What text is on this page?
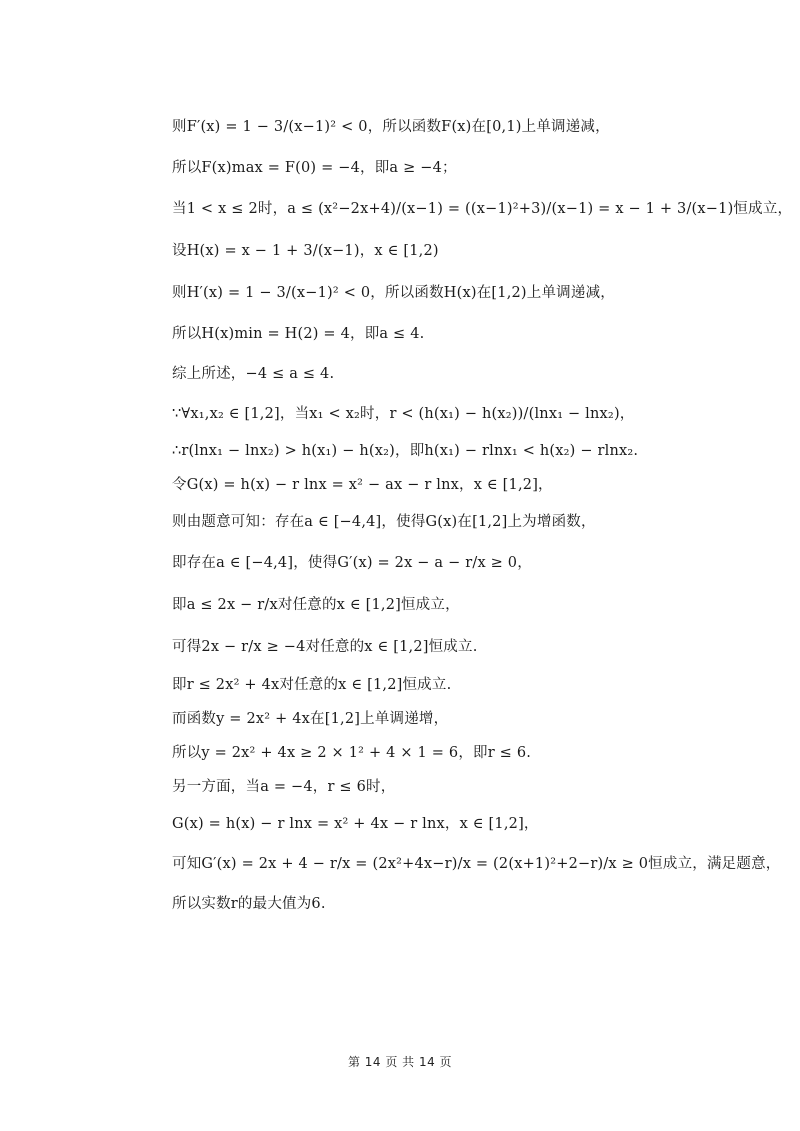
则F′(x) = 1 − 3/(x−1)² < 0，所以函数F(x)在[0,1)上单调递减，
所以F(x)max = F(0) = −4，即a ≥ −4；
当1 < x ≤ 2时，a ≤ (x²−2x+4)/(x−1) = ((x−1)²+3)/(x−1) = x − 1 + 3/(x−1)恒成立，
设H(x) = x − 1 + 3/(x−1)，x ∈ [1,2)
则H′(x) = 1 − 3/(x−1)² < 0，所以函数H(x)在[1,2)上单调递减，
所以H(x)min = H(2) = 4，即a ≤ 4.
综上所述，−4 ≤ a ≤ 4.
∵∀x₁,x₂ ∈ [1,2]，当x₁ < x₂时，r < (h(x₁) − h(x₂))/(lnx₁ − lnx₂)，
∴r(lnx₁ − lnx₂) > h(x₁) − h(x₂)，即h(x₁) − rlnx₁ < h(x₂) − rlnx₂.
令G(x) = h(x) − r lnx = x² − ax − r lnx，x ∈ [1,2]，
则由题意可知：存在a ∈ [−4,4]，使得G(x)在[1,2]上为增函数，
即存在a ∈ [−4,4]，使得G′(x) = 2x − a − r/x ≥ 0，
即a ≤ 2x − r/x对任意的x ∈ [1,2]恒成立，
可得2x − r/x ≥ −4对任意的x ∈ [1,2]恒成立.
即r ≤ 2x² + 4x对任意的x ∈ [1,2]恒成立.
而函数y = 2x² + 4x在[1,2]上单调递增，
所以y = 2x² + 4x ≥ 2 × 1² + 4 × 1 = 6，即r ≤ 6.
另一方面，当a = −4，r ≤ 6时，
G(x) = h(x) − r lnx = x² + 4x − r lnx，x ∈ [1,2]，
可知G′(x) = 2x + 4 − r/x = (2x²+4x−r)/x = (2(x+1)²+2−r)/x ≥ 0恒成立，满足题意，
所以实数r的最大值为6.
第 14 页 共 14 页
